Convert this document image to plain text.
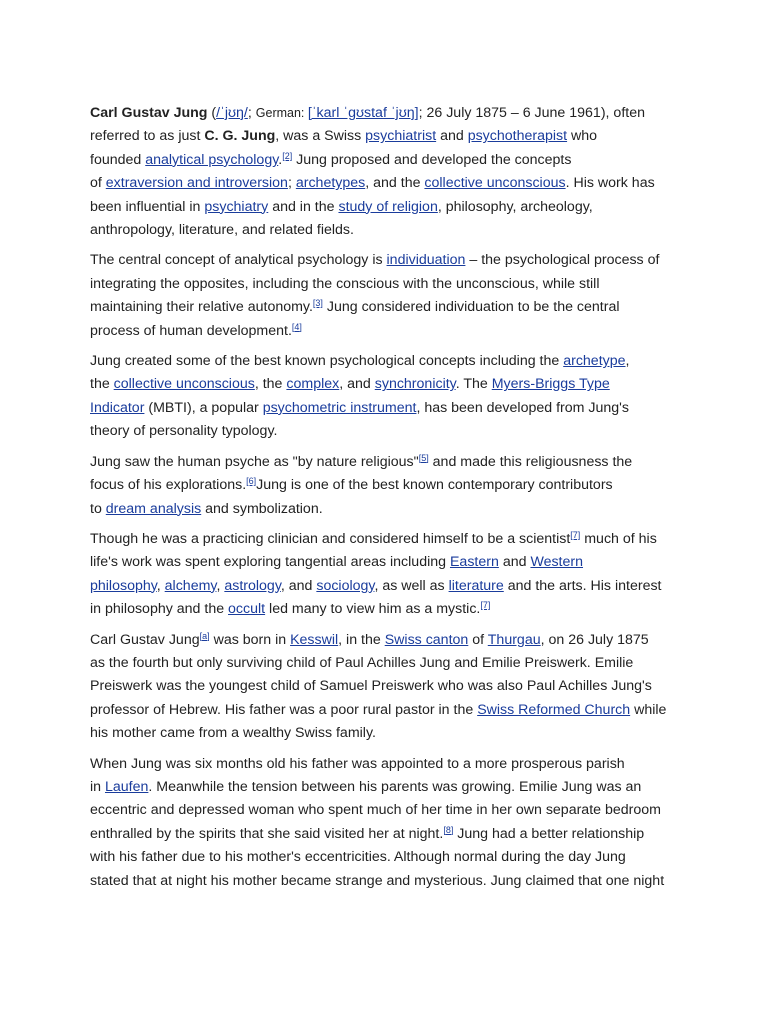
Carl Gustav Jung (/ˈjʊŋ/; German: [ˈkarl ˈɡʊstaf ˈjʊŋ]; 26 July 1875 – 6 June 1961), often
referred to as just C. G. Jung, was a Swiss psychiatrist and psychotherapist who
founded analytical psychology.[2] Jung proposed and developed the concepts
of extraversion and introversion; archetypes, and the collective unconscious. His work has
been influential in psychiatry and in the study of religion, philosophy, archeology,
anthropology, literature, and related fields.

The central concept of analytical psychology is individuation – the psychological process of
integrating the opposites, including the conscious with the unconscious, while still
maintaining their relative autonomy.[3] Jung considered individuation to be the central
process of human development.[4]

Jung created some of the best known psychological concepts including the archetype,
the collective unconscious, the complex, and synchronicity. The Myers-Briggs Type
Indicator (MBTI), a popular psychometric instrument, has been developed from Jung's
theory of personality typology.

Jung saw the human psyche as "by nature religious"[5] and made this religiousness the
focus of his explorations.[6]Jung is one of the best known contemporary contributors
to dream analysis and symbolization.

Though he was a practicing clinician and considered himself to be a scientist[7] much of his
life's work was spent exploring tangential areas including Eastern and Western
philosophy, alchemy, astrology, and sociology, as well as literature and the arts. His interest
in philosophy and the occult led many to view him as a mystic.[7]

Carl Gustav Jung[a] was born in Kesswil, in the Swiss canton of Thurgau, on 26 July 1875
as the fourth but only surviving child of Paul Achilles Jung and Emilie Preiswerk. Emilie
Preiswerk was the youngest child of Samuel Preiswerk who was also Paul Achilles Jung's
professor of Hebrew. His father was a poor rural pastor in the Swiss Reformed Church while
his mother came from a wealthy Swiss family.

When Jung was six months old his father was appointed to a more prosperous parish
in Laufen. Meanwhile the tension between his parents was growing. Emilie Jung was an
eccentric and depressed woman who spent much of her time in her own separate bedroom
enthralled by the spirits that she said visited her at night.[8] Jung had a better relationship
with his father due to his mother's eccentricities. Although normal during the day Jung
stated that at night his mother became strange and mysterious. Jung claimed that one night
